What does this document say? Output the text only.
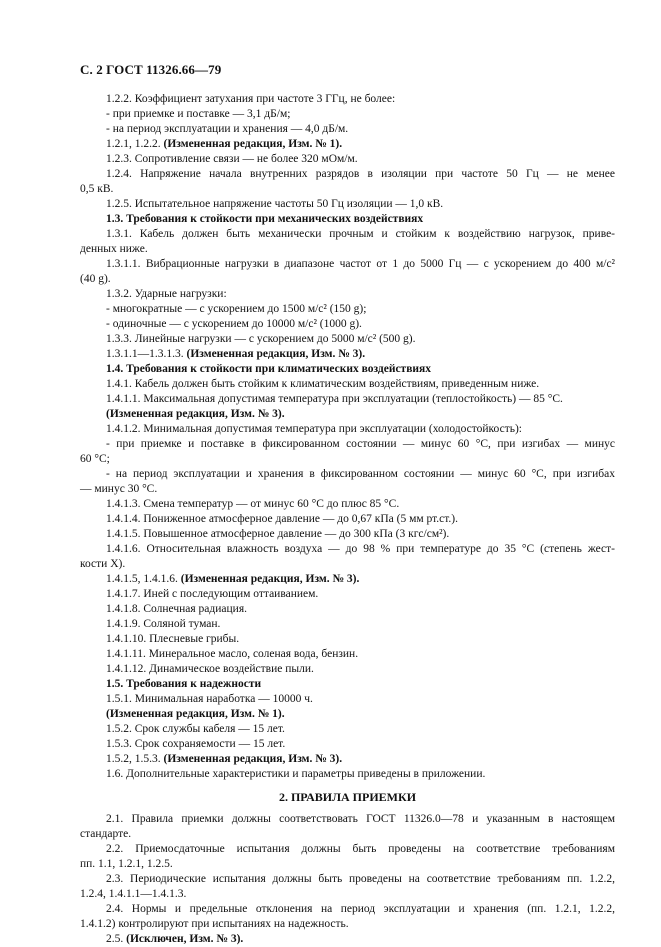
С. 2 ГОСТ 11326.66—79
1.2.2. Коэффициент затухания при частоте 3 ГГц, не более:
- при приемке и поставке — 3,1 дБ/м;
- на период эксплуатации и хранения — 4,0 дБ/м.
1.2.1, 1.2.2. (Измененная редакция, Изм. № 1).
1.2.3. Сопротивление связи — не более 320 мОм/м.
1.2.4. Напряжение начала внутренних разрядов в изоляции при частоте 50 Гц — не менее
0,5 кВ.
1.2.5. Испытательное напряжение частоты 50 Гц изоляции — 1,0 кВ.
1.3. Требования к стойкости при механических воздействиях
1.3.1. Кабель должен быть механически прочным и стойким к воздействию нагрузок, приве-
денных ниже.
1.3.1.1. Вибрационные нагрузки в диапазоне частот от 1 до 5000 Гц — с ускорением до 400 м/с²
(40 g).
1.3.2. Ударные нагрузки:
- многократные — с ускорением до 1500 м/с² (150 g);
- одиночные — с ускорением до 10000 м/с² (1000 g).
1.3.3. Линейные нагрузки — с ускорением до 5000 м/с² (500 g).
1.3.1.1—1.3.1.3. (Измененная редакция, Изм. № 3).
1.4. Требования к стойкости при климатических воздействиях
1.4.1. Кабель должен быть стойким к климатическим воздействиям, приведенным ниже.
1.4.1.1. Максимальная допустимая температура при эксплуатации (теплостойкость) — 85 °С.
(Измененная редакция, Изм. № 3).
1.4.1.2. Минимальная допустимая температура при эксплуатации (холодостойкость):
- при приемке и поставке в фиксированном состоянии — минус 60 °С, при изгибах — минус
60 °С;
- на период эксплуатации и хранения в фиксированном состоянии — минус 60 °С, при изгибах
— минус 30 °С.
1.4.1.3. Смена температур — от минус 60 °С до плюс 85 °С.
1.4.1.4. Пониженное атмосферное давление — до 0,67 кПа (5 мм рт.ст.).
1.4.1.5. Повышенное атмосферное давление — до 300 кПа (3 кгс/см²).
1.4.1.6. Относительная влажность воздуха — до 98 % при температуре до 35 °С (степень жест-
кости X).
1.4.1.5, 1.4.1.6. (Измененная редакция, Изм. № 3).
1.4.1.7. Иней с последующим оттаиванием.
1.4.1.8. Солнечная радиация.
1.4.1.9. Соляной туман.
1.4.1.10. Плесневые грибы.
1.4.1.11. Минеральное масло, соленая вода, бензин.
1.4.1.12. Динамическое воздействие пыли.
1.5. Требования к надежности
1.5.1. Минимальная наработка — 10000 ч.
(Измененная редакция, Изм. № 1).
1.5.2. Срок службы кабеля — 15 лет.
1.5.3. Срок сохраняемости — 15 лет.
1.5.2, 1.5.3. (Измененная редакция, Изм. № 3).
1.6. Дополнительные характеристики и параметры приведены в приложении.
2. ПРАВИЛА ПРИЕМКИ
2.1. Правила приемки должны соответствовать ГОСТ 11326.0—78 и указанным в настоящем
стандарте.
2.2. Приемосдаточные испытания должны быть проведены на соответствие требованиям
пп. 1.1, 1.2.1, 1.2.5.
2.3. Периодические испытания должны быть проведены на соответствие требованиям пп. 1.2.2,
1.2.4, 1.4.1.1—1.4.1.3.
2.4. Нормы и предельные отклонения на период эксплуатации и хранения (пп. 1.2.1, 1.2.2,
1.4.1.2) контролируют при испытаниях на надежность.
2.5. (Исключен, Изм. № 3).
